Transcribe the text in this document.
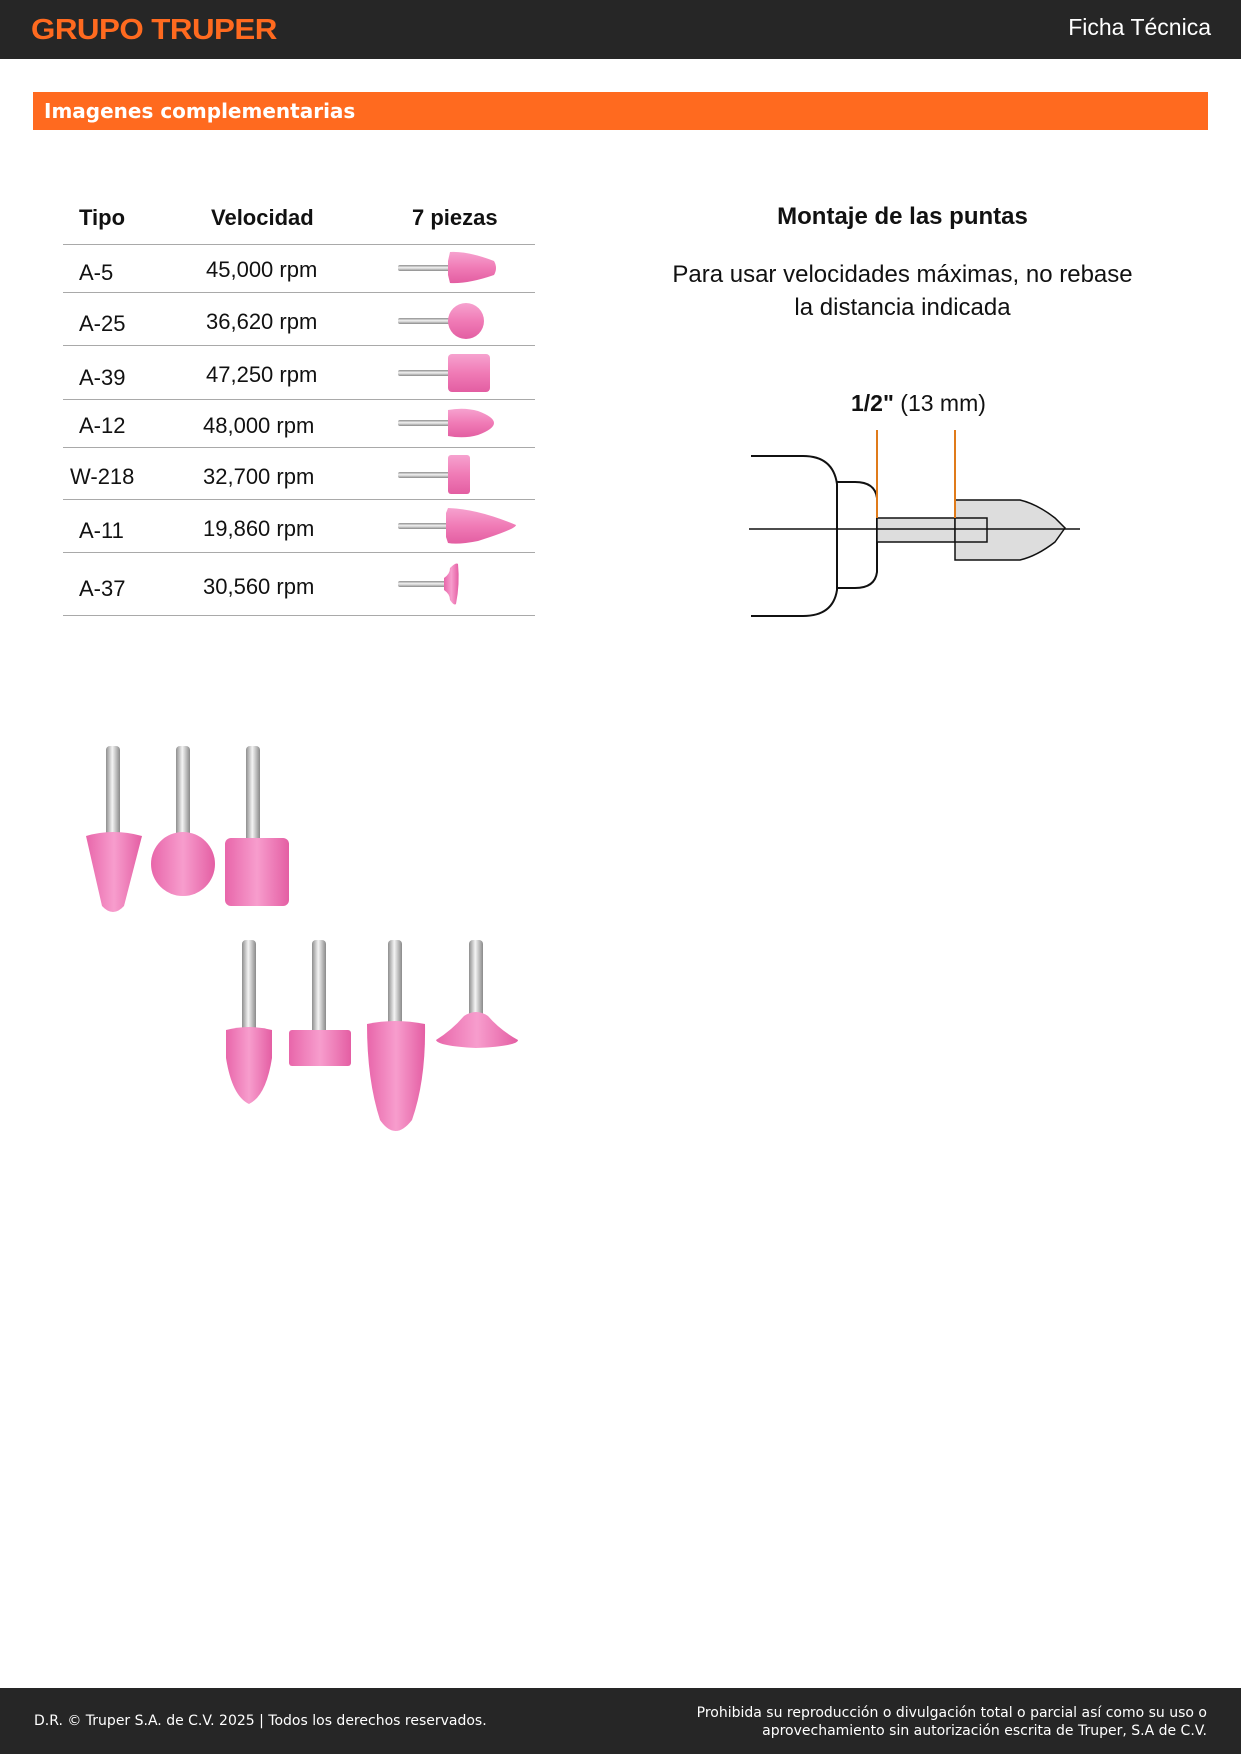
GRUPO TRUPER	Ficha Técnica
Imagenes complementarias
Tipo	Velocidad	7 piezas
A-5	45,000 rpm
A-25	36,620 rpm
A-39	47,250 rpm
A-12	48,000 rpm
W-218	32,700 rpm
A-11	19,860 rpm
A-37	30,560 rpm
Montaje de las puntas
Para usar velocidades máximas, no rebase
la distancia indicada
1/2" (13 mm)
D.R. © Truper S.A. de C.V. 2025 | Todos los derechos reservados.	Prohibida su reproducción o divulgación total o parcial así como su uso o
aprovechamiento sin autorización escrita de Truper, S.A de C.V.
